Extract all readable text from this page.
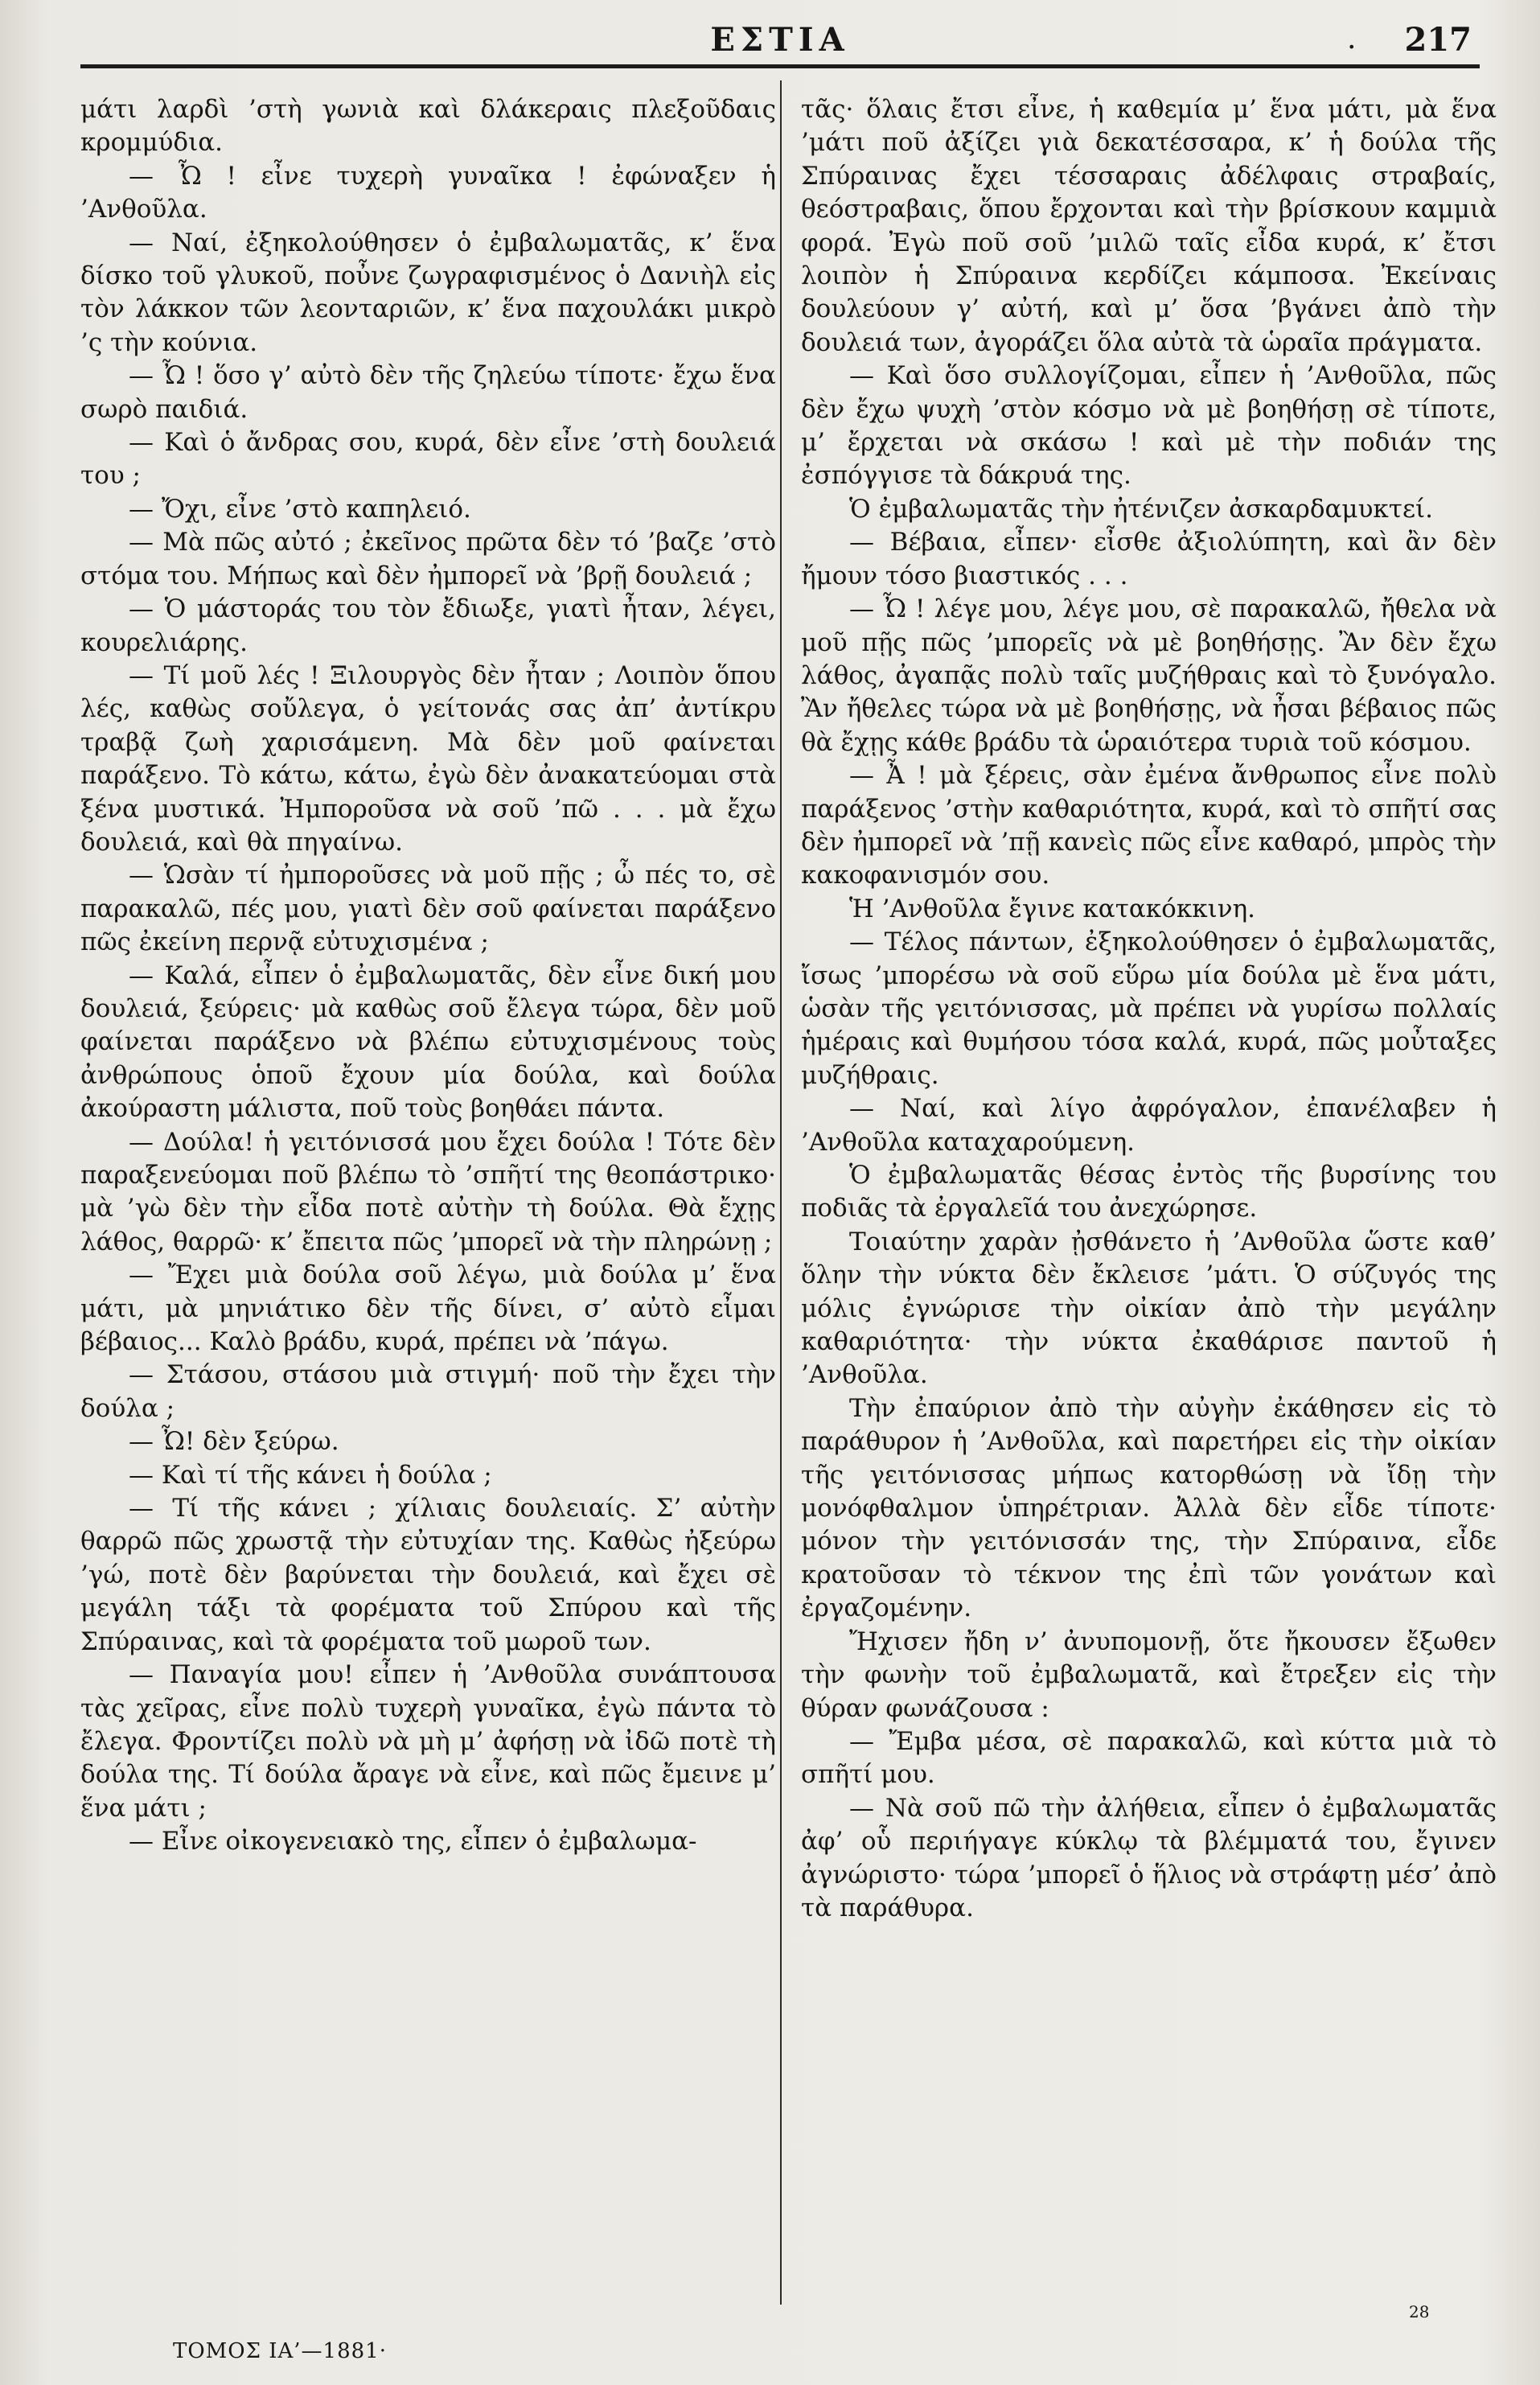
ΕΣΤΙΑ	. 217

μάτι λαρδὶ ’στὴ γωνιὰ καὶ δλάκεραις πλεξοῦδαις κρομμύδια.

— Ὦ ! εἶνε τυχερὴ γυναῖκα ! ἐφώναξεν ἡ ’Ανθοῦλα.

— Ναί, ἐξηκολούθησεν ὁ ἐμβαλωματᾶς, κ’ ἕνα δίσκο τοῦ γλυκοῦ, ποὖνε ζωγραφισμένος ὁ Δανιὴλ εἰς τὸν λάκκον τῶν λεονταριῶν, κ’ ἕνα παχουλάκι μικρὸ ’ς τὴν κούνια.

— Ὦ ! ὅσο γ’ αὐτὸ δὲν τῆς ζηλεύω τίποτε· ἔχω ἕνα σωρὸ παιδιά.

— Καὶ ὁ ἄνδρας σου, κυρά, δὲν εἶνε ’στὴ δουλειά του ;

— Ὄχι, εἶνε ’στὸ καπηλειό.

— Μὰ πῶς αὐτό ; ἐκεῖνος πρῶτα δὲν τό ’βαζε ’στὸ στόμα του. Μήπως καὶ δὲν ἠμπορεῖ νὰ ’βρῇ δουλειά ;

— Ὁ μάστοράς του τὸν ἔδιωξε, γιατὶ ἦταν, λέγει, κουρελιάρης.

— Τί μοῦ λές ! Ξιλουργὸς δὲν ἦταν ; Λοιπὸν ὅπου λές, καθὼς σοὔλεγα, ὁ γείτονάς σας ἀπ’ ἀντίκρυ τραβᾷ ζωὴ χαρισάμενη. Μὰ δὲν μοῦ φαίνεται παράξενο. Τὸ κάτω, κάτω, ἐγὼ δὲν ἀνακατεύομαι στὰ ξένα μυστικά. Ἠμποροῦσα νὰ σοῦ ’πῶ . . . μὰ ἔχω δουλειά, καὶ θὰ πηγαίνω.

— Ὡσὰν τί ἠμποροῦσες νὰ μοῦ πῇς ; ὦ πές το, σὲ παρακαλῶ, πές μου, γιατὶ δὲν σοῦ φαίνεται παράξενο πῶς ἐκείνη περνᾷ εὐτυχισμένα ;

— Καλά, εἶπεν ὁ ἐμβαλωματᾶς, δὲν εἶνε δική μου δουλειά, ξεύρεις· μὰ καθὼς σοῦ ἔλεγα τώρα, δὲν μοῦ φαίνεται παράξενο νὰ βλέπω εὐτυχισμένους τοὺς ἀνθρώπους ὁποῦ ἔχουν μία δούλα, καὶ δούλα ἀκούραστη μάλιστα, ποῦ τοὺς βοηθάει πάντα.

— Δούλα! ἡ γειτόνισσά μου ἔχει δούλα ! Τότε δὲν παραξενεύομαι ποῦ βλέπω τὸ ’σπῆτί της θεοπάστρικο· μὰ ’γὼ δὲν τὴν εἶδα ποτὲ αὐτὴν τὴ δούλα. Θὰ ἔχῃς λάθος, θαρρῶ· κ’ ἔπειτα πῶς ’μπορεῖ νὰ τὴν πληρώνῃ ;

— Ἔχει μιὰ δούλα σοῦ λέγω, μιὰ δούλα μ’ ἕνα μάτι, μὰ μηνιάτικο δὲν τῆς δίνει, σ’ αὐτὸ εἶμαι βέβαιος... Καλὸ βράδυ, κυρά, πρέπει νὰ ’πάγω.

— Στάσου, στάσου μιὰ στιγμή· ποῦ τὴν ἔχει τὴν δούλα ;

— Ὦ! δὲν ξεύρω.

— Καὶ τί τῆς κάνει ἡ δούλα ;

— Τί τῆς κάνει ; χίλιαις δουλειαίς. Σ’ αὐτὴν θαρρῶ πῶς χρωστᾷ τὴν εὐτυχίαν της. Καθὼς ἠξεύρω ’γώ, ποτὲ δὲν βαρύνεται τὴν δουλειά, καὶ ἔχει σὲ μεγάλη τάξι τὰ φορέματα τοῦ Σπύρου καὶ τῆς Σπύραινας, καὶ τὰ φορέματα τοῦ μωροῦ των.

— Παναγία μου! εἶπεν ἡ ’Ανθοῦλα συνάπτουσα τὰς χεῖρας, εἶνε πολὺ τυχερὴ γυναῖκα, ἐγὼ πάντα τὸ ἔλεγα. Φροντίζει πολὺ νὰ μὴ μ’ ἀφήσῃ νὰ ἰδῶ ποτὲ τὴ δούλα της. Τί δούλα ἄραγε νὰ εἶνε, καὶ πῶς ἔμεινε μ’ ἕνα μάτι ;

— Εἶνε οἰκογενειακὸ της, εἶπεν ὁ ἐμβαλωμα-

τᾶς· ὅλαις ἔτσι εἶνε, ἡ καθεμία μ’ ἕνα μάτι, μὰ ἕνα ’μάτι ποῦ ἀξίζει γιὰ δεκατέσσαρα, κ’ ἡ δούλα τῆς Σπύραινας ἔχει τέσσαραις ἀδέλφαις στραβαίς, θεόστραβαις, ὅπου ἔρχονται καὶ τὴν βρίσκουν καμμιὰ φορά. Ἐγὼ ποῦ σοῦ ’μιλῶ ταῖς εἶδα κυρά, κ’ ἔτσι λοιπὸν ἡ Σπύραινα κερδίζει κάμποσα. Ἐκείναις δουλεύουν γ’ αὐτή, καὶ μ’ ὅσα ’βγάνει ἀπὸ τὴν δουλειά των, ἀγοράζει ὅλα αὐτὰ τὰ ὡραῖα πράγματα.

— Καὶ ὅσο συλλογίζομαι, εἶπεν ἡ ’Ανθοῦλα, πῶς δὲν ἔχω ψυχὴ ’στὸν κόσμο νὰ μὲ βοηθήσῃ σὲ τίποτε, μ’ ἔρχεται νὰ σκάσω ! καὶ μὲ τὴν ποδιάν της ἐσπόγγισε τὰ δάκρυά της.

Ὁ ἐμβαλωματᾶς τὴν ἠτένιζεν ἀσκαρδαμυκτεί.

— Βέβαια, εἶπεν· εἶσθε ἀξιολύπητη, καὶ ἂν δὲν ἤμουν τόσο βιαστικός . . .

— Ὦ ! λέγε μου, λέγε μου, σὲ παρακαλῶ, ἤθελα νὰ μοῦ πῇς πῶς ’μπορεῖς νὰ μὲ βοηθήσῃς. Ἂν δὲν ἔχω λάθος, ἀγαπᾷς πολὺ ταῖς μυζήθραις καὶ τὸ ξυνόγαλο. Ἂν ἤθελες τώρα νὰ μὲ βοηθήσῃς, νὰ ἦσαι βέβαιος πῶς θὰ ἔχῃς κάθε βράδυ τὰ ὡραιότερα τυριὰ τοῦ κόσμου.

— Ἆ ! μὰ ξέρεις, σὰν ἐμένα ἄνθρωπος εἶνε πολὺ παράξενος ’στὴν καθαριότητα, κυρά, καὶ τὸ σπῆτί σας δὲν ἠμπορεῖ νὰ ’πῇ κανεὶς πῶς εἶνε καθαρό, μπρὸς τὴν κακοφανισμόν σου.

Ἡ ’Ανθοῦλα ἔγινε κατακόκκινη.

— Τέλος πάντων, ἐξηκολούθησεν ὁ ἐμβαλωματᾶς, ἴσως ’μπορέσω νὰ σοῦ εὕρω μία δούλα μὲ ἕνα μάτι, ὡσὰν τῆς γειτόνισσας, μὰ πρέπει νὰ γυρίσω πολλαίς ἡμέραις καὶ θυμήσου τόσα καλά, κυρά, πῶς μοὖταξες μυζήθραις.

— Ναί, καὶ λίγο ἀφρόγαλον, ἐπανέλαβεν ἡ ’Ανθοῦλα καταχαρούμενη.

Ὁ ἐμβαλωματᾶς θέσας ἐντὸς τῆς βυρσίνης του ποδιᾶς τὰ ἐργαλεῖά του ἀνεχώρησε.

Τοιαύτην χαρὰν ᾐσθάνετο ἡ ’Ανθοῦλα ὥστε καθ’ ὅλην τὴν νύκτα δὲν ἔκλεισε ’μάτι. Ὁ σύζυγός της μόλις ἐγνώρισε τὴν οἰκίαν ἀπὸ τὴν μεγάλην καθαριότητα· τὴν νύκτα ἐκαθάρισε παντοῦ ἡ ’Ανθοῦλα.

Τὴν ἐπαύριον ἀπὸ τὴν αὐγὴν ἐκάθησεν εἰς τὸ παράθυρον ἡ ’Ανθοῦλα, καὶ παρετήρει εἰς τὴν οἰκίαν τῆς γειτόνισσας μήπως κατορθώσῃ νὰ ἴδῃ τὴν μονόφθαλμον ὑπηρέτριαν. Ἀλλὰ δὲν εἶδε τίποτε· μόνον τὴν γειτόνισσάν της, τὴν Σπύραινα, εἶδε κρατοῦσαν τὸ τέκνον της ἐπὶ τῶν γονάτων καὶ ἐργαζομένην.

Ἤχισεν ἤδη ν’ ἀνυπομονῇ, ὅτε ἤκουσεν ἔξωθεν τὴν φωνὴν τοῦ ἐμβαλωματᾶ, καὶ ἔτρεξεν εἰς τὴν θύραν φωνάζουσα :

— Ἔμβα μέσα, σὲ παρακαλῶ, καὶ κύττα μιὰ τὸ σπῆτί μου.

— Νὰ σοῦ πῶ τὴν ἀλήθεια, εἶπεν ὁ ἐμβαλωματᾶς ἀφ’ οὗ περιήγαγε κύκλῳ τὰ βλέμματά του, ἔγινεν ἀγνώριστο· τώρα ’μπορεῖ ὁ ἥλιος νὰ στράφτῃ μέσ’ ἀπὸ τὰ παράθυρα.

ΤΟΜΟΣ ΙΑ’—1881·
28
